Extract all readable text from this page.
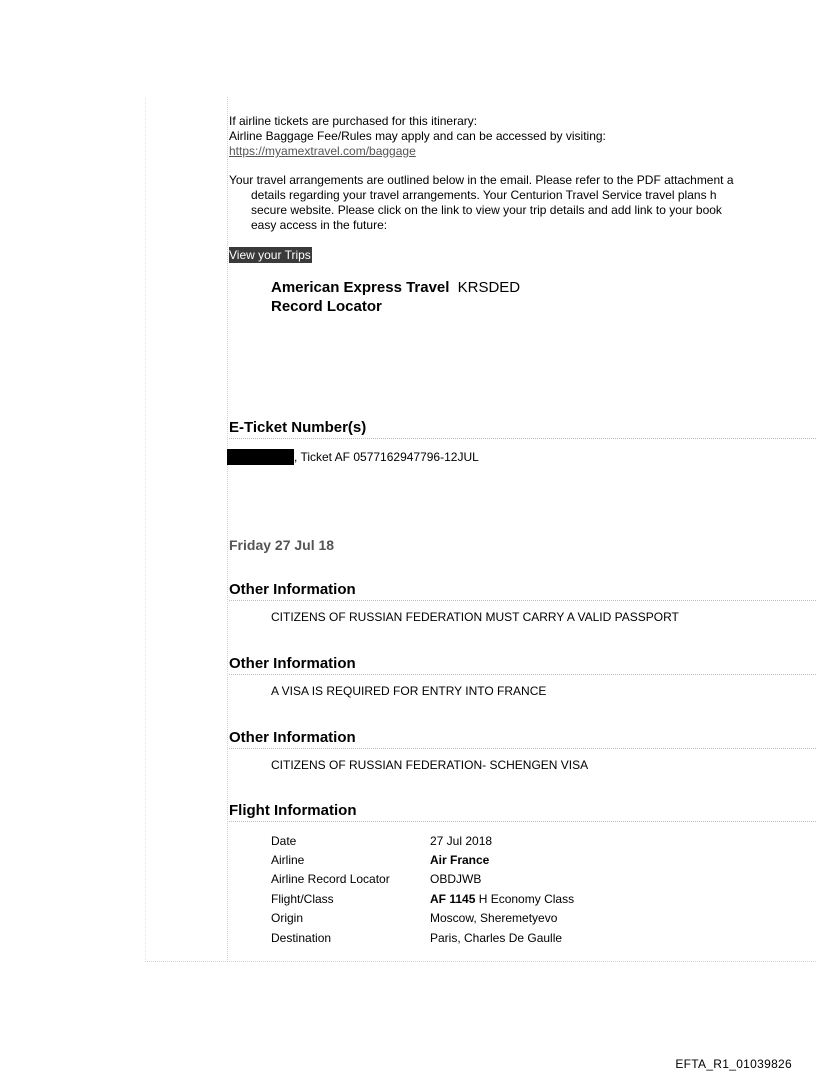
If airline tickets are purchased for this itinerary:
Airline Baggage Fee/Rules may apply and can be accessed by visiting:
https://myamextravel.com/baggage
Your travel arrangements are outlined below in the email. Please refer to the PDF attachment a
details regarding your travel arrangements. Your Centurion Travel Service travel plans h
secure website. Please click on the link to view your trip details and add link to your book
easy access in the future:
View your Trips
American Express Travel KRSDED
Record Locator
E-Ticket Number(s)
, Ticket AF 0577162947796-12JUL
Friday 27 Jul 18
Other Information
CITIZENS OF RUSSIAN FEDERATION MUST CARRY A VALID PASSPORT
Other Information
A VISA IS REQUIRED FOR ENTRY INTO FRANCE
Other Information
CITIZENS OF RUSSIAN FEDERATION- SCHENGEN VISA
Flight Information
Date	27 Jul 2018
Airline	Air France
Airline Record Locator	OBDJWB
Flight/Class	AF 1145 H Economy Class
Origin	Moscow, Sheremetyevo
Destination	Paris, Charles De Gaulle
EFTA_R1_01039826
